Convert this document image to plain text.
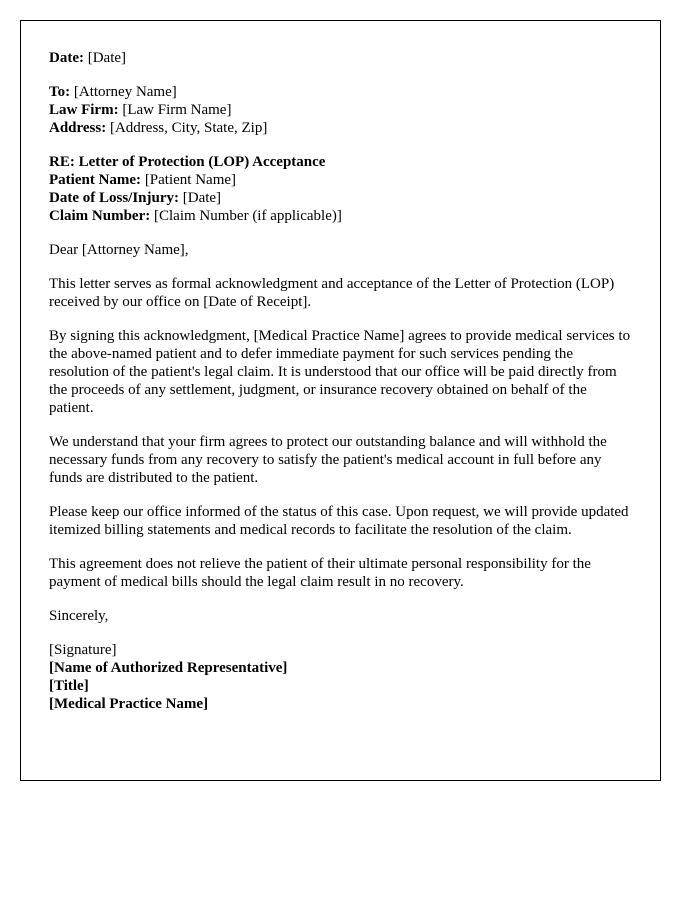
Date: [Date]
To: [Attorney Name]
Law Firm: [Law Firm Name]
Address: [Address, City, State, Zip]
RE: Letter of Protection (LOP) Acceptance
Patient Name: [Patient Name]
Date of Loss/Injury: [Date]
Claim Number: [Claim Number (if applicable)]

Dear [Attorney Name],

This letter serves as formal acknowledgment and acceptance of the Letter of Protection (LOP) received by our office on [Date of Receipt].

By signing this acknowledgment, [Medical Practice Name] agrees to provide medical services to the above-named patient and to defer immediate payment for such services pending the resolution of the patient's legal claim. It is understood that our office will be paid directly from the proceeds of any settlement, judgment, or insurance recovery obtained on behalf of the patient.

We understand that your firm agrees to protect our outstanding balance and will withhold the necessary funds from any recovery to satisfy the patient's medical account in full before any funds are distributed to the patient.

Please keep our office informed of the status of this case. Upon request, we will provide updated itemized billing statements and medical records to facilitate the resolution of the claim.

This agreement does not relieve the patient of their ultimate personal responsibility for the payment of medical bills should the legal claim result in no recovery.

Sincerely,

[Signature]
[Name of Authorized Representative]
[Title]
[Medical Practice Name]
